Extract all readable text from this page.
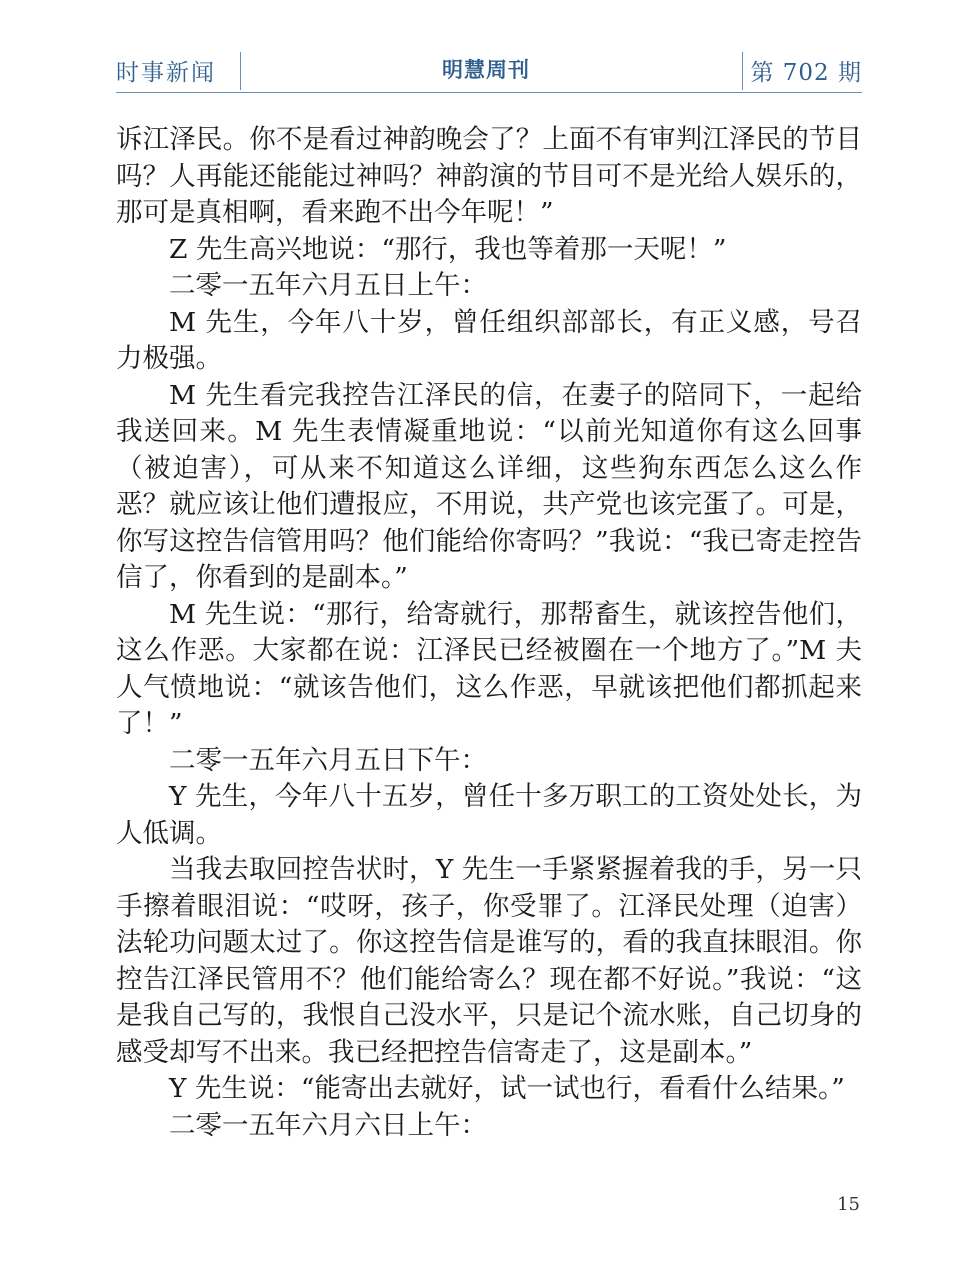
时事新闻	明慧周刊	第 702 期

诉江泽民。你不是看过神韵晚会了？上面不有审判江泽民的节目吗？人再能还能能过神吗？神韵演的节目可不是光给人娱乐的，那可是真相啊，看来跑不出今年呢！”

Z 先生高兴地说：“那行，我也等着那一天呢！”

二零一五年六月五日上午：

M 先生，今年八十岁，曾任组织部部长，有正义感，号召力极强。

M 先生看完我控告江泽民的信，在妻子的陪同下，一起给我送回来。M 先生表情凝重地说：“以前光知道你有这么回事（被迫害），可从来不知道这么详细，这些狗东西怎么这么作恶？就应该让他们遭报应，不用说，共产党也该完蛋了。可是，你写这控告信管用吗？他们能给你寄吗？”我说：“我已寄走控告信了，你看到的是副本。”

M 先生说：“那行，给寄就行，那帮畜生，就该控告他们，这么作恶。大家都在说：江泽民已经被圈在一个地方了。”M 夫人气愤地说：“就该告他们，这么作恶，早就该把他们都抓起来了！”

二零一五年六月五日下午：

Y 先生，今年八十五岁，曾任十多万职工的工资处处长，为人低调。

当我去取回控告状时，Y 先生一手紧紧握着我的手，另一只手擦着眼泪说：“哎呀，孩子，你受罪了。江泽民处理（迫害）法轮功问题太过了。你这控告信是谁写的，看的我直抹眼泪。你控告江泽民管用不？他们能给寄么？现在都不好说。”我说：“这是我自己写的，我恨自己没水平，只是记个流水账，自己切身的感受却写不出来。我已经把控告信寄走了，这是副本。”

Y 先生说：“能寄出去就好，试一试也行，看看什么结果。”

二零一五年六月六日上午：

15
